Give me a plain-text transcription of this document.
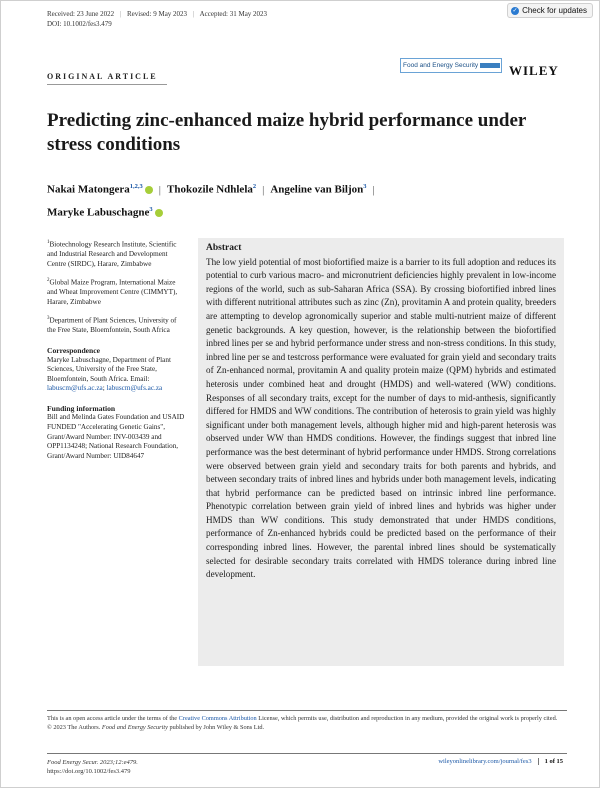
Received: 23 June 2022 | Revised: 9 May 2023 | Accepted: 31 May 2023
DOI: 10.1002/fes3.479
✓ Check for updates
ORIGINAL ARTICLE
Food and Energy Security	WILEY
Predicting zinc-enhanced maize hybrid performance under stress conditions
Nakai Matongera$^{1,2,3}$ | Thokozile Ndhlela$^2$ | Angeline van Biljon$^3$ |
Maryke Labuschagne$^3$
$^1$Biotechnology Research Institute, Scientific and Industrial Research and Development Centre (SIRDC), Harare, Zimbabwe
$^2$Global Maize Program, International Maize and Wheat Improvement Centre (CIMMYT), Harare, Zimbabwe
$^3$Department of Plant Sciences, University of the Free State, Bloemfontein, South Africa
Correspondence
Maryke Labuschagne, Department of Plant Sciences, University of the Free State, Bloemfontein, South Africa. Email: labuscm@ufs.ac.za; labuscm@ufs.ac.za
Funding information
Bill and Melinda Gates Foundation and USAID FUNDED "Accelerating Genetic Gains", Grant/Award Number: INV-003439 and OPP1134248; National Research Foundation, Grant/Award Number: UID84647
Abstract

The low yield potential of most biofortified maize is a barrier to its full adoption and reduces its potential to curb various macro- and micronutrient deficiencies highly prevalent in low-income regions of the world, such as sub-Saharan Africa (SSA). By crossing biofortified inbred lines with different nutritional attributes such as zinc (Zn), provitamin A and protein quality, breeders are attempting to develop agronomically superior and stable multi-nutrient maize of different genetic backgrounds. A key question, however, is the relationship between the biofortified inbred lines per se and hybrid performance under stress and non-stress conditions. In this study, inbred line per se and testcross performance were evaluated for grain yield and secondary traits of Zn-enhanced normal, provitamin A and quality protein maize (QPM) hybrids and estimated heterosis under combined heat and drought (HMDS) and well-watered (WW) conditions. Responses of all secondary traits, except for the number of days to mid-anthesis, significantly differed for HMDS and WW conditions. The contribution of heterosis to grain yield was highly significant under both management levels, although higher mid and high-parent heterosis was observed under WW than HMDS conditions. However, the findings suggest that inbred line performance was the best determinant of hybrid performance under HMDS. Strong correlations were observed between grain yield and secondary traits for both parents and hybrids, and between secondary traits of inbred lines and hybrids under both management levels, indicating that hybrid performance can be predicted based on intrinsic inbred line performance. Phenotypic correlation between grain yield of inbred lines and hybrids was higher under HMDS than WW conditions. This study demonstrated that under HMDS conditions, performance of Zn-enhanced hybrids could be predicted based on the performance of their corresponding inbred lines. However, the parental inbred lines should be systematically selected for desirable secondary traits correlated with HMDS tolerance during inbred line development.

This is an open access article under the terms of the Creative Commons Attribution License, which permits use, distribution and reproduction in any medium, provided the original work is properly cited.
© 2023 The Authors. Food and Energy Security published by John Wiley & Sons Ltd.
Food Energy Secur. 2023;12:e479.
https://doi.org/10.1002/fes3.479
wileyonlinelibrary.com/journal/fes3 1 of 15
